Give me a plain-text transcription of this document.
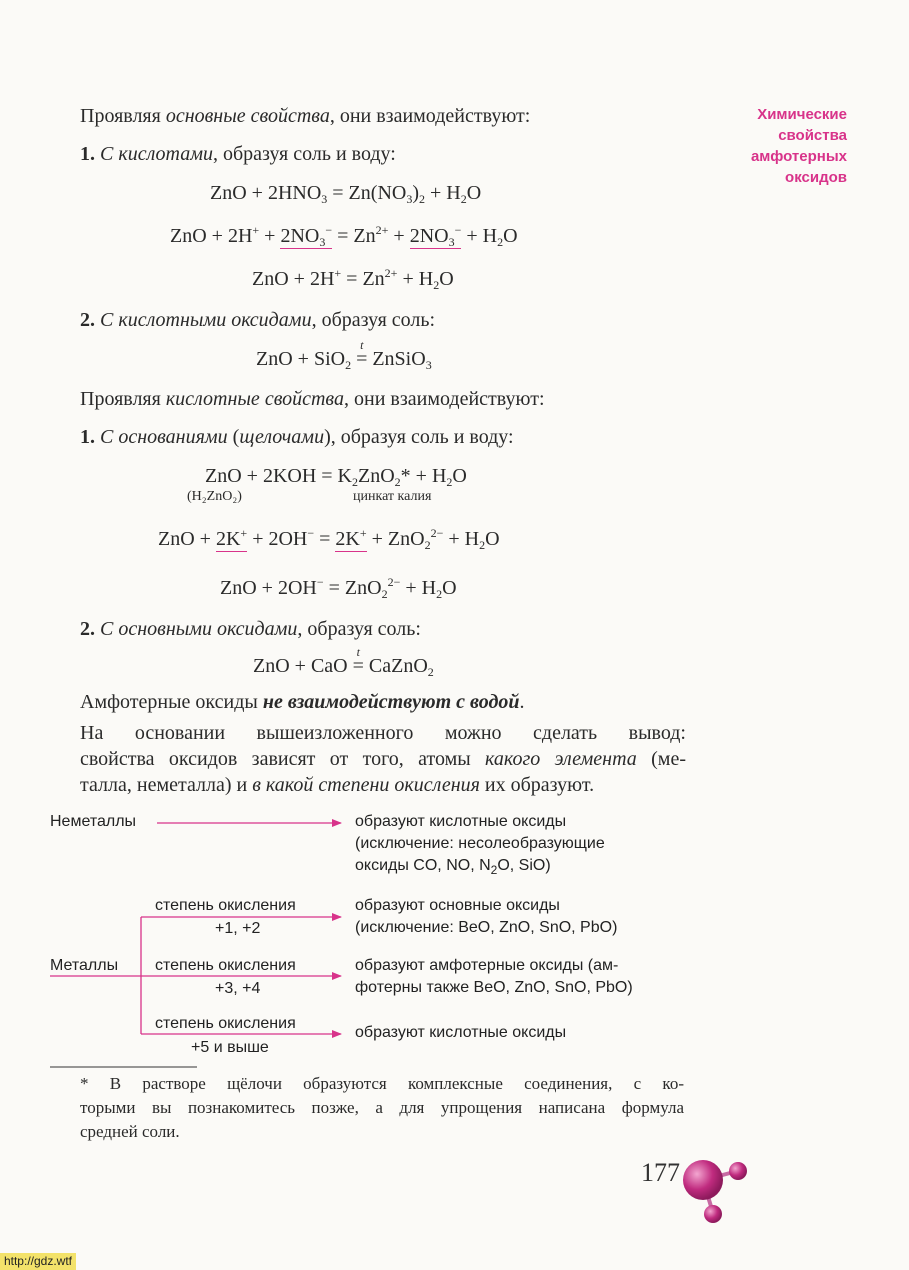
Химические
свойства
амфотерных
оксидов
Проявляя основные свойства, они взаимодействуют:
1. С кислотами, образуя соль и воду:
ZnO + $2HNO_3 = Zn(NO_3)_2 + H_2O$
ZnO + $2H^+ + 2NO_3^- = Zn^{2+} + 2NO_3^- + H_2O$
ZnO + $2H^+ = Zn^{2+} + H_2O$
2. С кислотными оксидами, образуя соль:
ZnO + SiO$_2$ =
t
ZnSiO$_3$
Проявляя кислотные свойства, они взаимодействуют:
1. С основаниями (щелочами), образуя соль и воду:
ZnO + $2KOH = K_2ZnO_2* + H_2O$
(H₂ZnO₂)	цинкат калия
ZnO + $2K^+ + 2OH^- = 2K^+ + ZnO_2^{2-} + H_2O$
ZnO + $2OH^- = ZnO_2^{2-} + H_2O$
2. С основными оксидами, образуя соль:
ZnO + CaO =
t
CaZnO$_2$
Амфотерные оксиды не взаимодействуют с водой.
На основании вышеизложенного можно сделать вывод:
свойства оксидов зависят от того, атомы какого элемента (ме-
талла, неметалла) и в какой степени окисления их образуют.
Неметаллы	образуют кислотные оксиды
(исключение: несолеобразующие
оксиды CO, NO, $N_2O$, SiO)
степень окисления
+1, +2
образуют основные оксиды
(исключение: BeO, ZnO, SnO, PbO)
Металлы степень окисления
+3, +4
образуют амфотерные оксиды (ам-
фотерны также BeO, ZnO, SnO, PbO)
степень окисления
+5 и выше
образуют кислотные оксиды
* В растворе щёлочи образуются комплексные соединения, с ко-
торыми вы познакомитесь позже, а для упрощения написана формула
средней соли.
177
http://gdz.wtf
